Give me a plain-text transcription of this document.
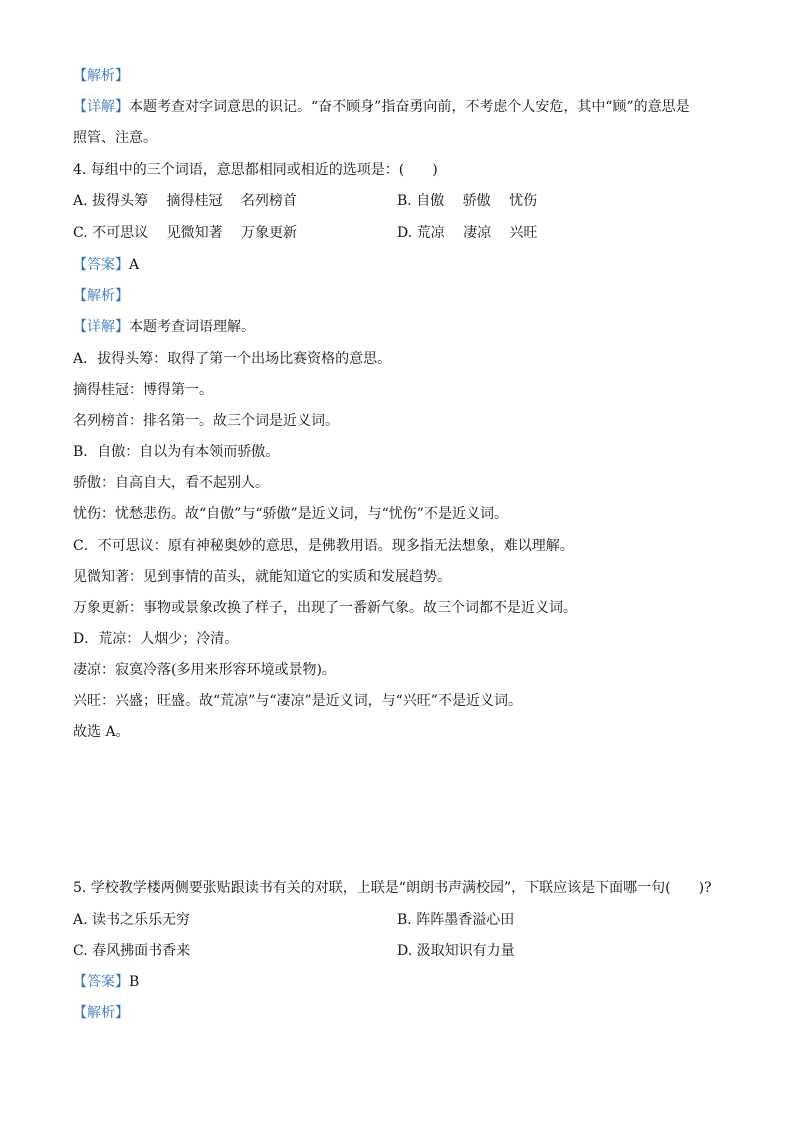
【解析】
【详解】本题考查对字词意思的识记。“奋不顾身”指奋勇向前，不考虑个人安危，其中“顾”的意思是
照管、注意。
4. 每组中的三个词语，意思都相同或相近的选项是：(　　)
A. 拔得头筹 摘得桂冠 名列榜首	B. 自傲 骄傲 忧伤
C. 不可思议 见微知著 万象更新	D. 荒凉 凄凉 兴旺
【答案】A
【解析】
【详解】本题考查词语理解。
A．拔得头筹：取得了第一个出场比赛资格的意思。
摘得桂冠：博得第一。
名列榜首：排名第一。故三个词是近义词。
B．自傲：自以为有本领而骄傲。
骄傲：自高自大，看不起别人。
忧伤：忧愁悲伤。故“自傲”与“骄傲”是近义词，与“忧伤”不是近义词。
C．不可思议：原有神秘奥妙的意思，是佛教用语。现多指无法想象，难以理解。
见微知著：见到事情的苗头，就能知道它的实质和发展趋势。
万象更新：事物或景象改换了样子，出现了一番新气象。故三个词都不是近义词。
D．荒凉：人烟少；冷清。
凄凉：寂寞冷落(多用来形容环境或景物)。
兴旺：兴盛；旺盛。故“荒凉”与“凄凉”是近义词，与“兴旺”不是近义词。
故选 A。
5. 学校教学楼两侧要张贴跟读书有关的对联，上联是“朗朗书声满校园”，下联应该是下面哪一句(　　)?
A. 读书之乐乐无穷	B. 阵阵墨香溢心田
C. 春风拂面书香来	D. 汲取知识有力量
【答案】B
【解析】
